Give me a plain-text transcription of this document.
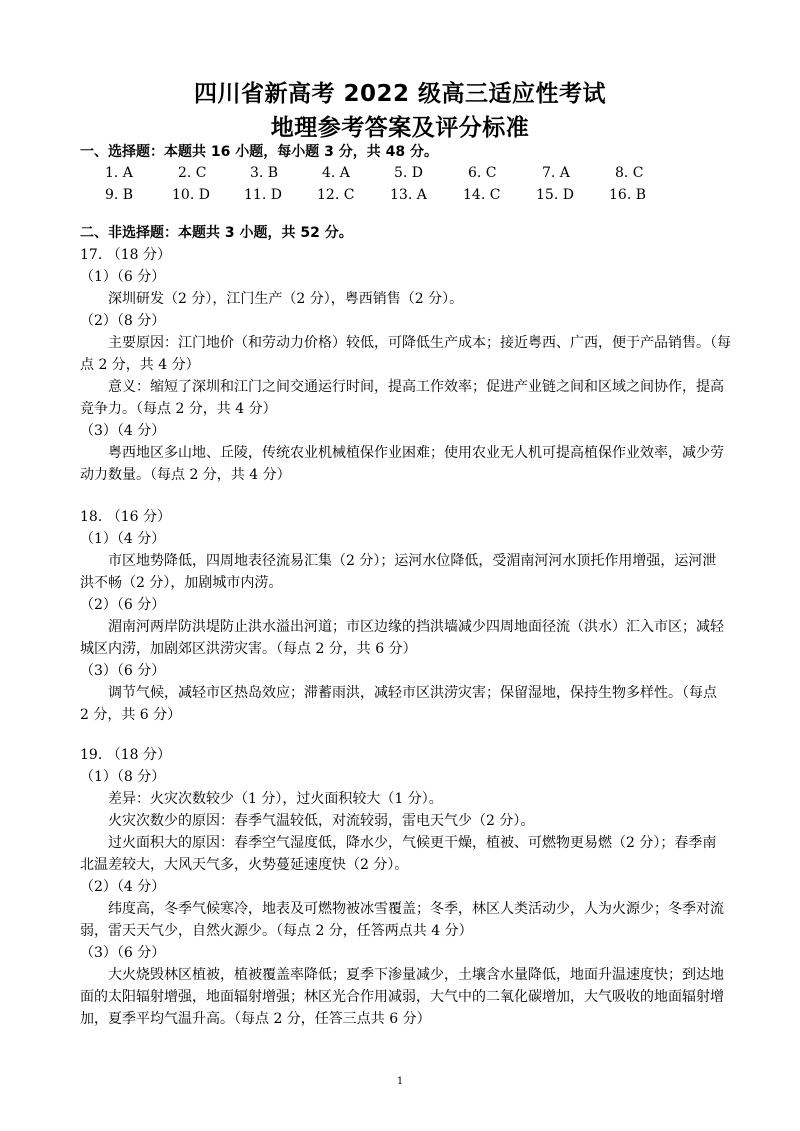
四川省新高考 2022 级高三适应性考试
地理参考答案及评分标准
一、选择题：本题共 16 小题，每小题 3 分，共 48 分。
1. A	2. C	3. B	4. A	5. D	6. C	7. A	8. C
9. B	10. D 11. D	12. C	13. A	14. C	15. D	16. B
二、非选择题：本题共 3 小题，共 52 分。
17. （18 分）
（1）（6 分）
深圳研发（2 分），江门生产（2 分），粤西销售（2 分）。
（2）（8 分）
主要原因：江门地价（和劳动力价格）较低，可降低生产成本；接近粤西、广西，便于产品销售。（每
点 2 分，共 4 分）
意义：缩短了深圳和江门之间交通运行时间，提高工作效率；促进产业链之间和区域之间协作，提高
竞争力。（每点 2 分，共 4 分）
（3）（4 分）
粤西地区多山地、丘陵，传统农业机械植保作业困难；使用农业无人机可提高植保作业效率，减少劳
动力数量。（每点 2 分，共 4 分）
18. （16 分）
（1）（4 分）
市区地势降低，四周地表径流易汇集（2 分）；运河水位降低，受湄南河河水顶托作用增强，运河泄
洪不畅（2 分），加剧城市内涝。
（2）（6 分）
湄南河两岸防洪堤防止洪水溢出河道；市区边缘的挡洪墙减少四周地面径流（洪水）汇入市区；减轻
城区内涝，加剧郊区洪涝灾害。（每点 2 分，共 6 分）
（3）（6 分）
调节气候，减轻市区热岛效应；滞蓄雨洪，减轻市区洪涝灾害；保留湿地，保持生物多样性。（每点
2 分，共 6 分）
19. （18 分）
（1）（8 分）
差异：火灾次数较少（1 分），过火面积较大（1 分）。
火灾次数少的原因：春季气温较低，对流较弱，雷电天气少（2 分）。
过火面积大的原因：春季空气湿度低，降水少，气候更干燥，植被、可燃物更易燃（2 分）；春季南
北温差较大，大风天气多，火势蔓延速度快（2 分）。
（2）（4 分）
纬度高，冬季气候寒冷，地表及可燃物被冰雪覆盖；冬季，林区人类活动少，人为火源少；冬季对流
弱，雷天天气少，自然火源少。（每点 2 分，任答两点共 4 分）
（3）（6 分）
大火烧毁林区植被，植被覆盖率降低；夏季下渗量减少，土壤含水量降低，地面升温速度快；到达地
面的太阳辐射增强，地面辐射增强；林区光合作用减弱，大气中的二氧化碳增加，大气吸收的地面辐射增
加，夏季平均气温升高。（每点 2 分，任答三点共 6 分）
1
